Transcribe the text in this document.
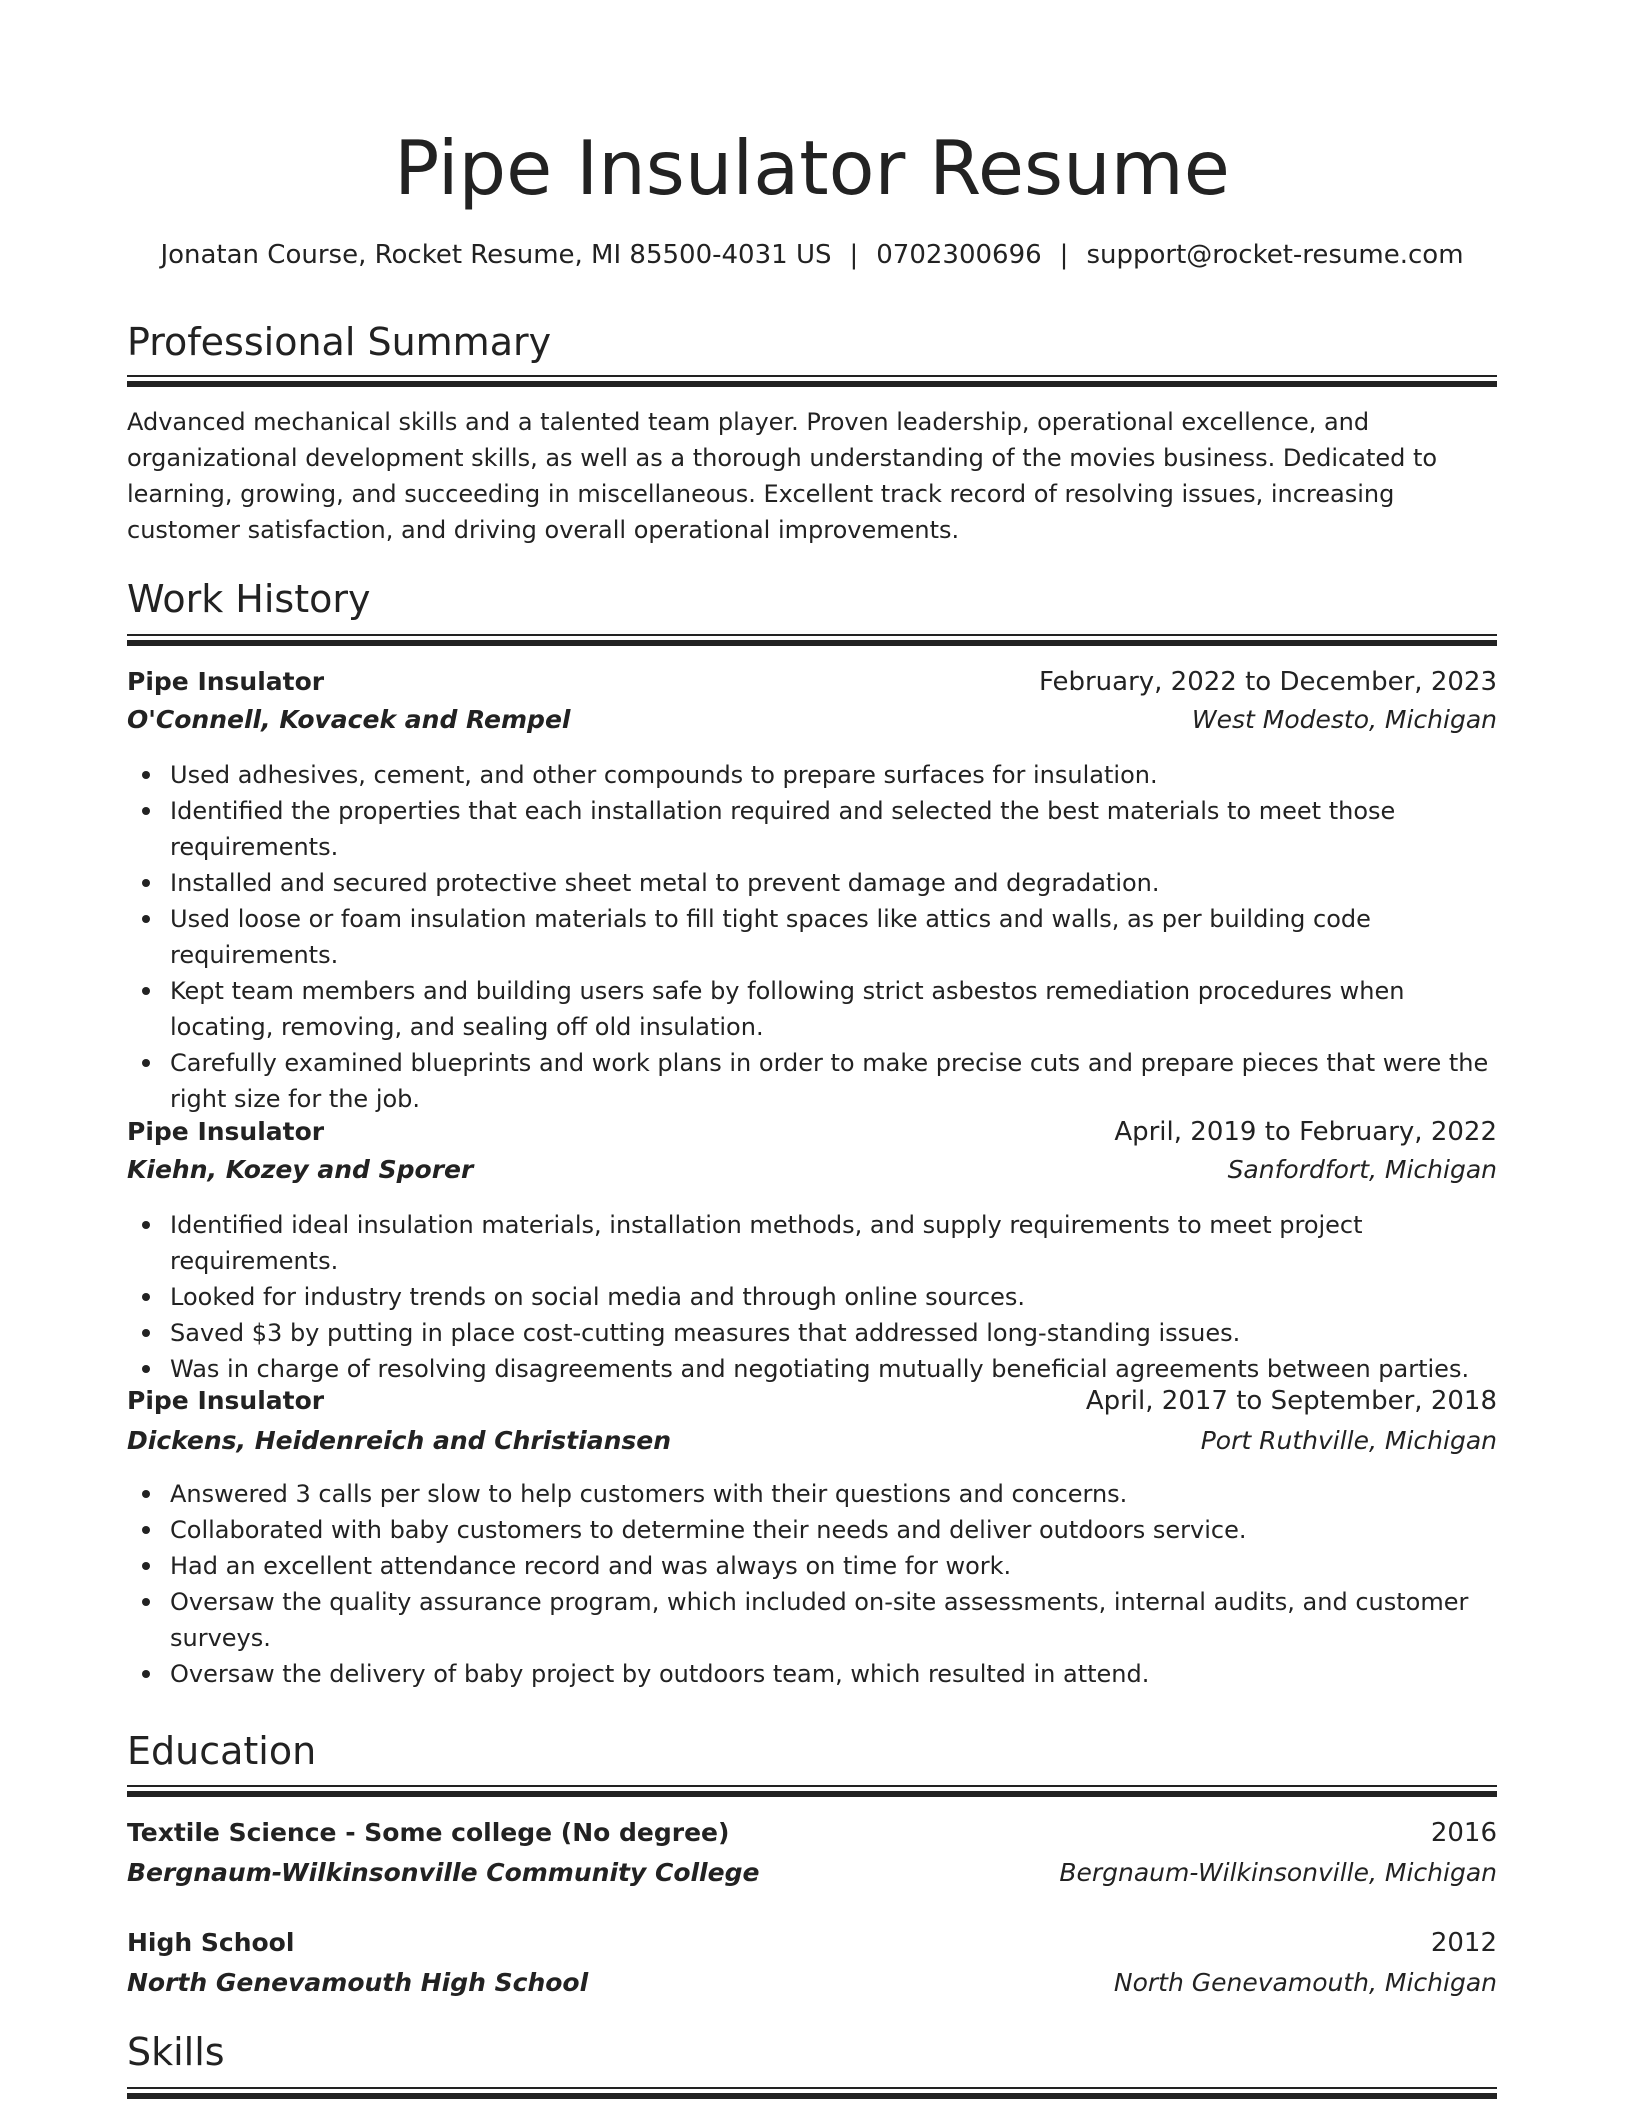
Pipe Insulator Resume
Jonatan Course, Rocket Resume, MI 85500-4031 US | 0702300696 | support@rocket-resume.com
Professional Summary

Advanced mechanical skills and a talented team player. Proven leadership, operational excellence, and organizational development skills, as well as a thorough understanding of the movies business. Dedicated to learning, growing, and succeeding in miscellaneous. Excellent track record of resolving issues, increasing customer satisfaction, and driving overall operational improvements.

Work History
Pipe Insulator	February, 2022 to December, 2023
O'Connell, Kovacek and Rempel	West Modesto, Michigan
Used adhesives, cement, and other compounds to prepare surfaces for insulation.
Identified the properties that each installation required and selected the best materials to meet those requirements.
Installed and secured protective sheet metal to prevent damage and degradation.
Used loose or foam insulation materials to fill tight spaces like attics and walls, as per building code requirements.
Kept team members and building users safe by following strict asbestos remediation procedures when locating, removing, and sealing off old insulation.
Carefully examined blueprints and work plans in order to make precise cuts and prepare pieces that were the right size for the job.
Pipe Insulator	April, 2019 to February, 2022
Kiehn, Kozey and Sporer	Sanfordfort, Michigan
Identified ideal insulation materials, installation methods, and supply requirements to meet project requirements.
Looked for industry trends on social media and through online sources.
Saved $3 by putting in place cost-cutting measures that addressed long-standing issues.
Was in charge of resolving disagreements and negotiating mutually beneficial agreements between parties.
Pipe Insulator	April, 2017 to September, 2018
Dickens, Heidenreich and Christiansen	Port Ruthville, Michigan
Answered 3 calls per slow to help customers with their questions and concerns.
Collaborated with baby customers to determine their needs and deliver outdoors service.
Had an excellent attendance record and was always on time for work.
Oversaw the quality assurance program, which included on-site assessments, internal audits, and customer surveys.
Oversaw the delivery of baby project by outdoors team, which resulted in attend.
Education
Textile Science - Some college (No degree)	2016
Bergnaum-Wilkinsonville Community College	Bergnaum-Wilkinsonville, Michigan
High School	2012
North Genevamouth High School	North Genevamouth, Michigan
Skills
